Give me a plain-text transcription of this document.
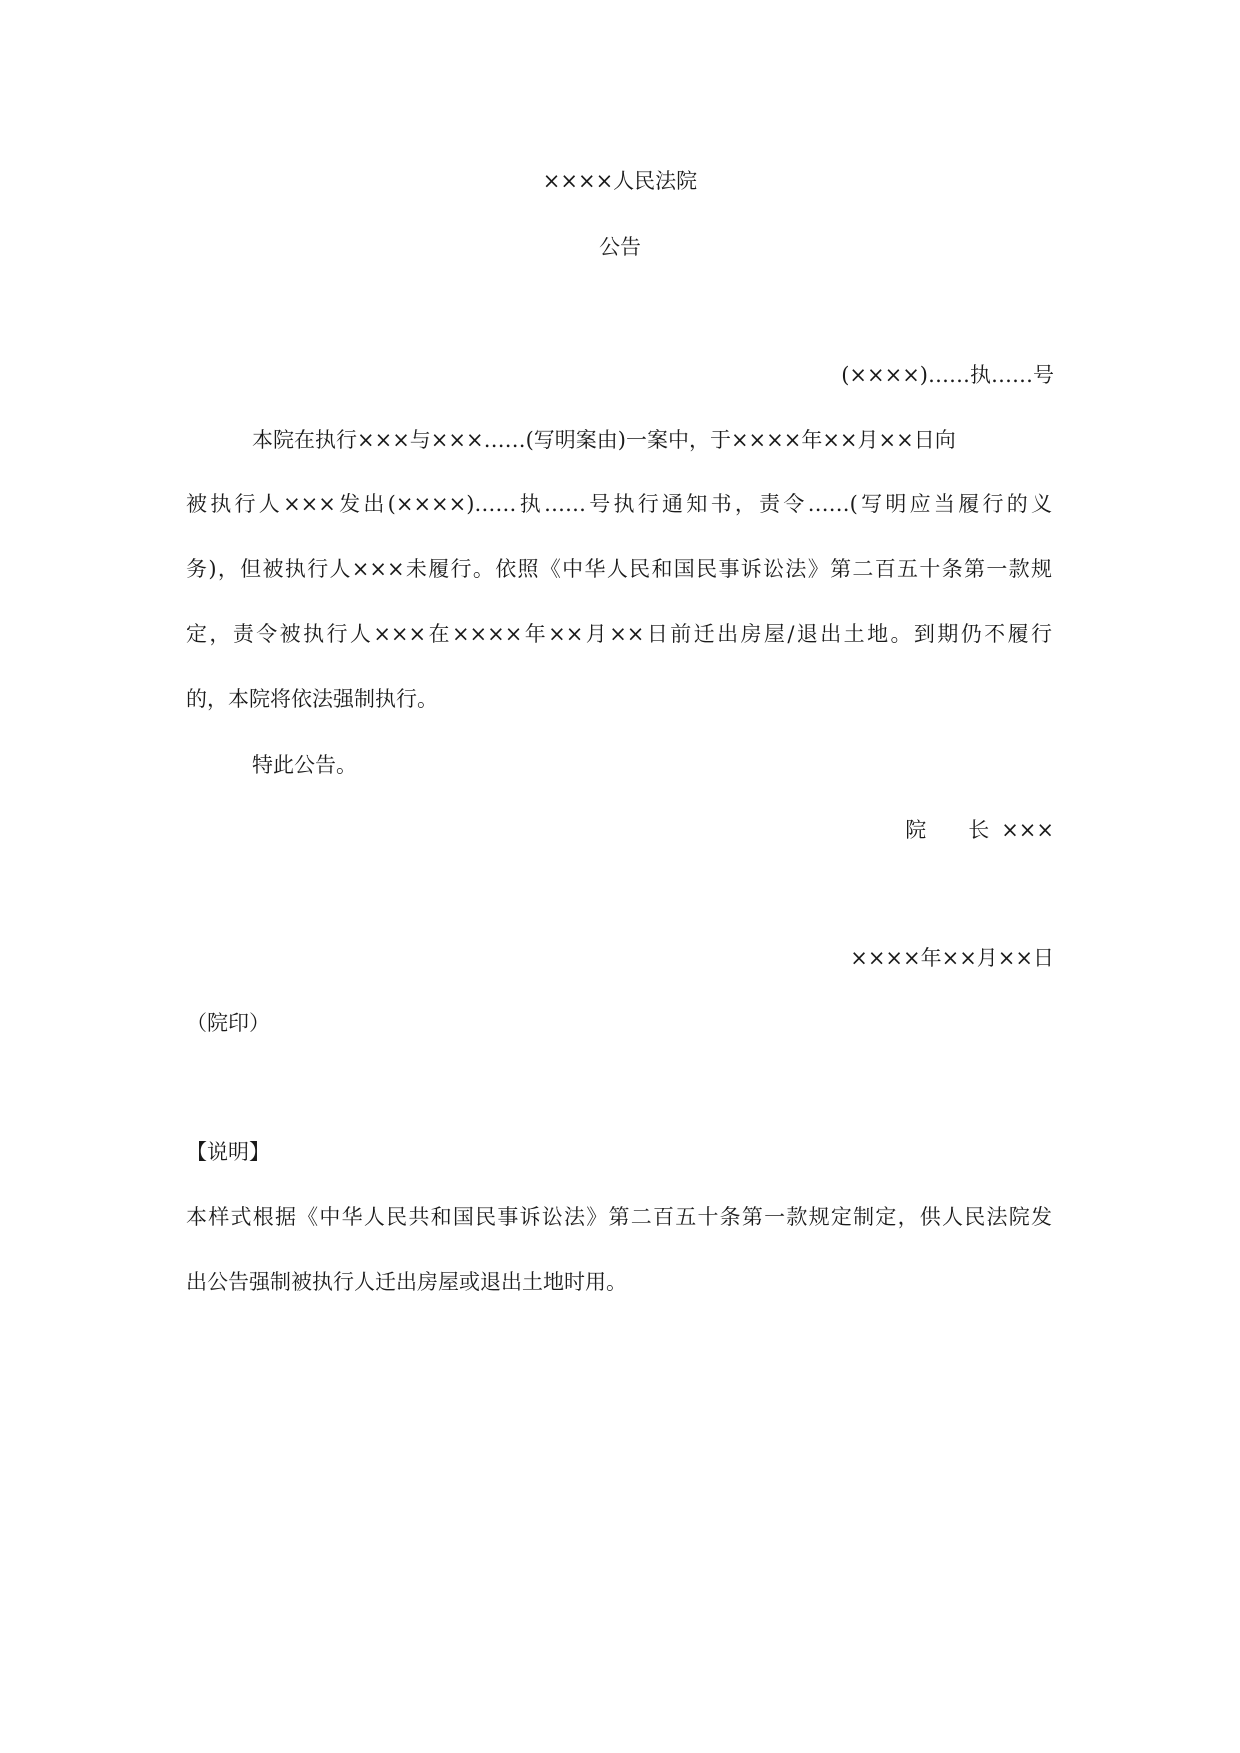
××××人民法院
公告
(××××)……执……号
本院在执行×××与×××……(写明案由)一案中，于××××年××月××日向
被执行人×××发出(××××)……执……号执行通知书，责令……(写明应当履行的义
务)，但被执行人×××未履行。依照《中华人民和国民事诉讼法》第二百五十条第一款规
定，责令被执行人×××在××××年××月××日前迁出房屋/退出土地。到期仍不履行
的，本院将依法强制执行。
特此公告。
院 长 ×××
××××年××月××日
（院印）
【说明】
本样式根据《中华人民共和国民事诉讼法》第二百五十条第一款规定制定，供人民法院发
出公告强制被执行人迁出房屋或退出土地时用。
